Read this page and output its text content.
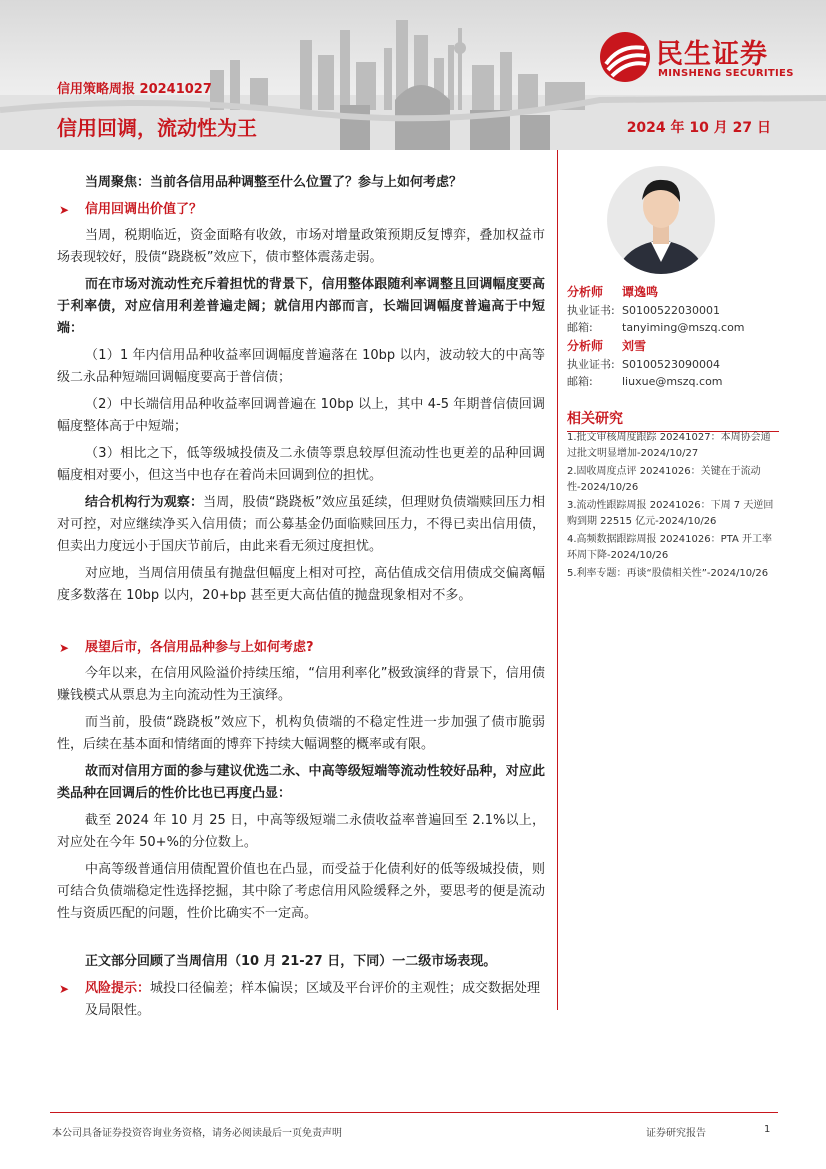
信用策略周报 20241027
信用回调，流动性为王	2024 年 10 月 27 日
民生证券
MINSHENG SECURITIES

当周聚焦：当前各信用品种调整至什么位置了？参与上如何考虑？

➤ 信用回调出价值了？

当周，税期临近，资金面略有收敛，市场对增量政策预期反复博弈，叠加权益市场表现较好，股债“跷跷板”效应下，债市整体震荡走弱。

而在市场对流动性充斥着担忧的背景下，信用整体跟随利率调整且回调幅度要高于利率债，对应信用利差普遍走阔；就信用内部而言，长端回调幅度普遍高于中短端：

（1）1 年内信用品种收益率回调幅度普遍落在 10bp 以内，波动较大的中高等级二永品种短端回调幅度要高于普信债；

（2）中长端信用品种收益率回调普遍在 10bp 以上，其中 4-5 年期普信债回调幅度整体高于中短端；

（3）相比之下，低等级城投债及二永债等票息较厚但流动性也更差的品种回调幅度相对要小，但这当中也存在着尚未回调到位的担忧。

结合机构行为观察：当周，股债“跷跷板”效应虽延续，但理财负债端赎回压力相对可控，对应继续净买入信用债；而公募基金仍面临赎回压力，不得已卖出信用债，但卖出力度远小于国庆节前后，由此来看无须过度担忧。

对应地，当周信用债虽有抛盘但幅度上相对可控，高估值成交信用债成交偏离幅度多数落在 10bp 以内，20+bp 甚至更大高估值的抛盘现象相对不多。

➤ 展望后市，各信用品种参与上如何考虑?

今年以来，在信用风险溢价持续压缩，“信用利率化”极致演绎的背景下，信用债赚钱模式从票息为主向流动性为王演绎。

而当前，股债“跷跷板”效应下，机构负债端的不稳定性进一步加强了债市脆弱性，后续在基本面和情绪面的博弈下持续大幅调整的概率或有限。

故而对信用方面的参与建议优选二永、中高等级短端等流动性较好品种，对应此类品种在回调后的性价比也已再度凸显：

截至 2024 年 10 月 25 日，中高等级短端二永债收益率普遍回至 2.1%以上，对应处在今年 50+%的分位数上。

中高等级普通信用债配置价值也在凸显，而受益于化债利好的低等级城投债，则可结合负债端稳定性选择挖掘，其中除了考虑信用风险缓释之外，要思考的便是流动性与资质匹配的问题，性价比确实不一定高。

正文部分回顾了当周信用（10 月 21-27 日，下同）一二级市场表现。

➤ 风险提示：城投口径偏差；样本偏误；区域及平台评价的主观性；成交数据处理及局限性。
分析师	谭逸鸣
执业证书: S0100522030001
邮箱:	tanyiming@mszq.com
分析师	刘雪
执业证书: S0100523090004
邮箱:	liuxue@mszq.com
相关研究
1.批文审核周度跟踪 20241027：本周协会通过批文明显增加-2024/10/27
2.固收周度点评 20241026：关键在于流动性-2024/10/26
3.流动性跟踪周报 20241026：下周 7 天逆回购到期 22515 亿元-2024/10/26
4.高频数据跟踪周报 20241026：PTA 开工率环周下降-2024/10/26
5.利率专题：再谈“股债相关性”-2024/10/26
本公司具备证券投资咨询业务资格，请务必阅读最后一页免责声明	证券研究报告	1
